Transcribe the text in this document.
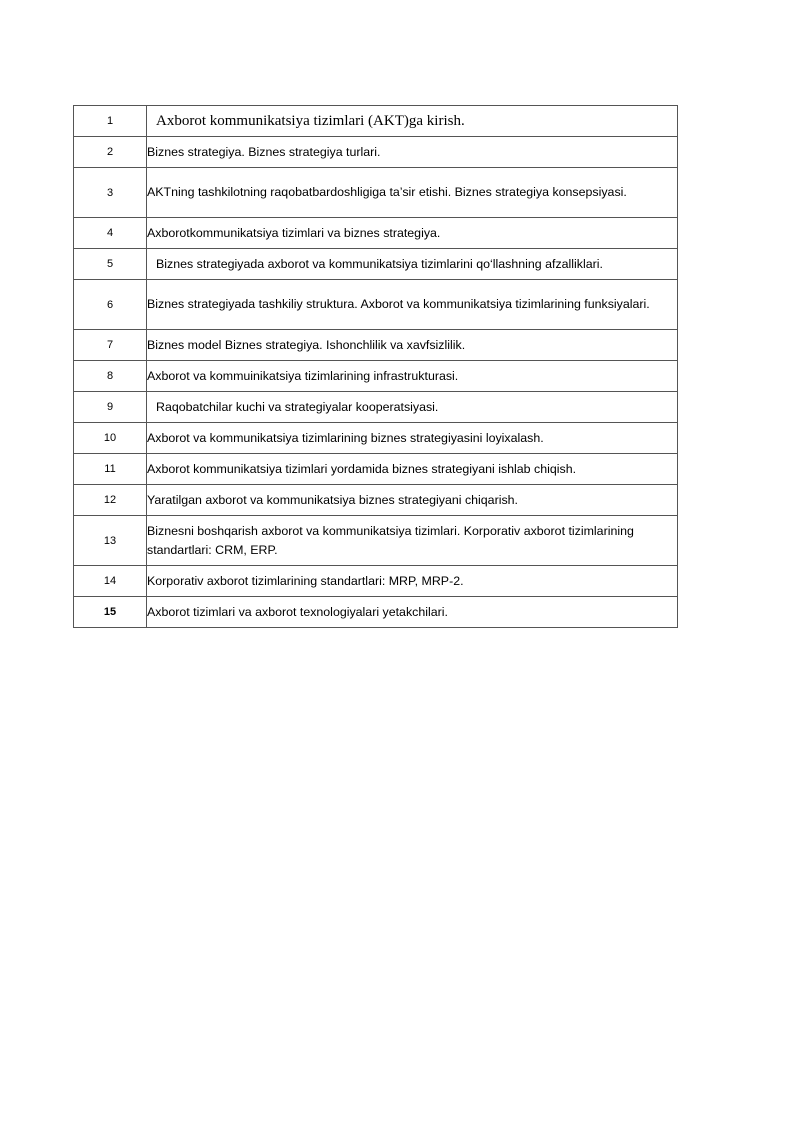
1	Axborot kommunikatsiya tizimlari (AKT)ga kirish.
2	Biznes strategiya. Biznes strategiya turlari.
3	AKTning tashkilotning raqobatbardoshligiga ta’sir etishi. Biznes strategiya konsepsiyasi.
4	Axborotkommunikatsiya tizimlari va biznes strategiya.
5	Biznes strategiyada axborot va kommunikatsiya tizimlarini qo‘llashning afzalliklari.
6	Biznes strategiyada tashkiliy struktura. Axborot va kommunikatsiya tizimlarining funksiyalari.
7	Biznes model Biznes strategiya. Ishonchlilik va xavfsizlilik.
8	Axborot va kommuinikatsiya tizimlarining infrastrukturasi.
9	Raqobatchilar kuchi va strategiyalar kooperatsiyasi.
10	Axborot va kommunikatsiya tizimlarining biznes strategiyasini loyixalash.
11	Axborot kommunikatsiya tizimlari yordamida biznes strategiyani ishlab chiqish.
12	Yaratilgan axborot va kommunikatsiya biznes strategiyani chiqarish.
13	Biznesni boshqarish axborot va kommunikatsiya tizimlari. Korporativ axborot tizimlarining standartlari: CRM, ERP.
14	Korporativ axborot tizimlarining standartlari: MRP, MRP-2.
15	Axborot tizimlari va axborot texnologiyalari yetakchilari.
